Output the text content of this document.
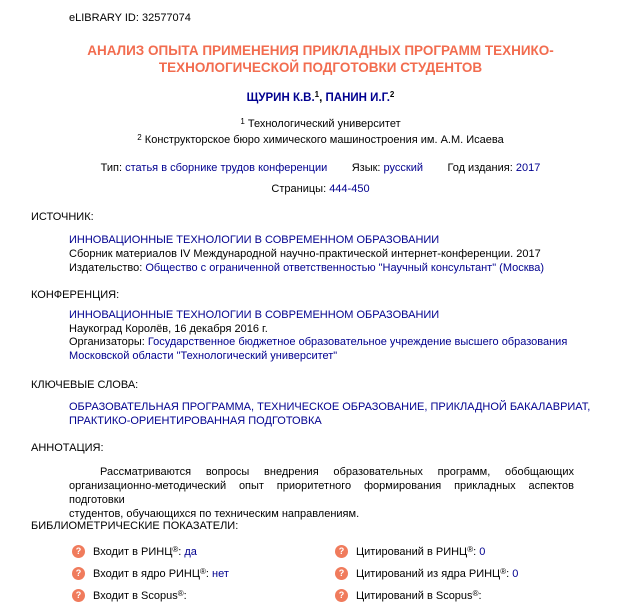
eLIBRARY ID: 32577074
АНАЛИЗ ОПЫТА ПРИМЕНЕНИЯ ПРИКЛАДНЫХ ПРОГРАММ ТЕХНИКО-
ТЕХНОЛОГИЧЕСКОЙ ПОДГОТОВКИ СТУДЕНТОВ
ЩУРИН К.В.$^1$, ПАНИН И.Г.$^2$
$^1$ Технологический университет
$^2$ Конструкторское бюро химического машиностроения им. А.М. Исаева
Тип: статья в сборнике трудов конференции Язык: русский Год издания: 2017
Страницы: 444-450
ИСТОЧНИК:
ИННОВАЦИОННЫЕ ТЕХНОЛОГИИ В СОВРЕМЕННОМ ОБРАЗОВАНИИ
Сборник материалов IV Международной научно-практической интернет-конференции. 2017
Издательство: Общество с ограниченной ответственностью "Научный консультант" (Москва)
КОНФЕРЕНЦИЯ:
ИННОВАЦИОННЫЕ ТЕХНОЛОГИИ В СОВРЕМЕННОМ ОБРАЗОВАНИИ
Наукоград Королёв, 16 декабря 2016 г.
Организаторы: Государственное бюджетное образовательное учреждение высшего образования
Московской области "Технологический университет"
КЛЮЧЕВЫЕ СЛОВА:
ОБРАЗОВАТЕЛЬНАЯ ПРОГРАММА, ТЕХНИЧЕСКОЕ ОБРАЗОВАНИЕ, ПРИКЛАДНОЙ БАКАЛАВРИАТ,
ПРАКТИКО-ОРИЕНТИРОВАННАЯ ПОДГОТОВКА
АННОТАЦИЯ:
Рассматриваются вопросы внедрения образовательных программ, обобщающих
организационно-методический опыт приоритетного формирования прикладных аспектов подготовки
студентов, обучающихся по техническим направлениям.
БИБЛИОМЕТРИЧЕСКИЕ ПОКАЗАТЕЛИ:
?	Входит в РИНЦ® : да	?	Цитирований в РИНЦ® : 0
?	Входит в ядро РИНЦ® : нет	?	Цитирований из ядра РИНЦ® : 0
?	Входит в Scopus® :	?	Цитирований в Scopus® :
